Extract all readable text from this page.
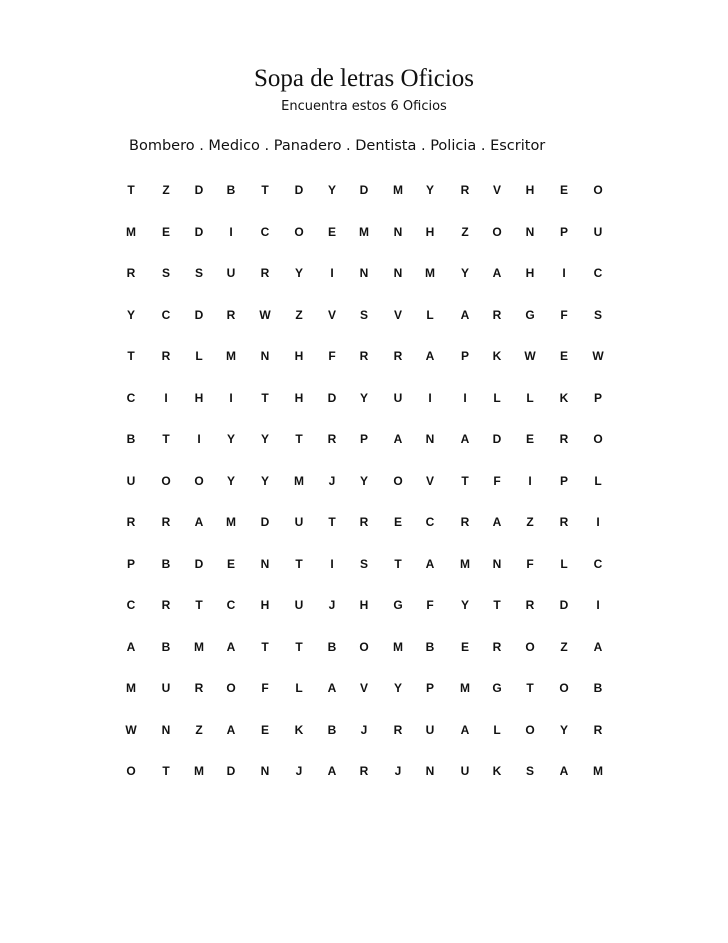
Sopa de letras Oficios
Encuentra estos 6 Oficios
Bombero . Medico . Panadero . Dentista . Policia . Escritor
T	Z	D	B	T	D	Y	D	M	Y	R	V	H	E	O
M	E	D	I	C	O	E	M	N	H	Z	O	N	P	U
R	S	S	U	R	Y	I	N	N	M	Y	A	H	I	C
Y	C	D	R	W	Z	V	S	V	L	A	R	G	F	S
T	R	L	M	N	H	F	R	R	A	P	K	W	E	W
C	I	H	I	T	H	D	Y	U	I	I	L	L	K	P
B	T	I	Y	Y	T	R	P	A	N	A	D	E	R	O
U	O	O	Y	Y	M	J	Y	O	V	T	F	I	P	L
R	R	A	M	D	U	T	R	E	C	R	A	Z	R	I
P	B	D	E	N	T	I	S	T	A	M	N	F	L	C
C	R	T	C	H	U	J	H	G	F	Y	T	R	D	I
A	B	M	A	T	T	B	O	M	B	E	R	O	Z	A
M	U	R	O	F	L	A	V	Y	P	M	G	T	O	B
W	N	Z	A	E	K	B	J	R	U	A	L	O	Y	R
O	T	M	D	N	J	A	R	J	N	U	K	S	A	M
